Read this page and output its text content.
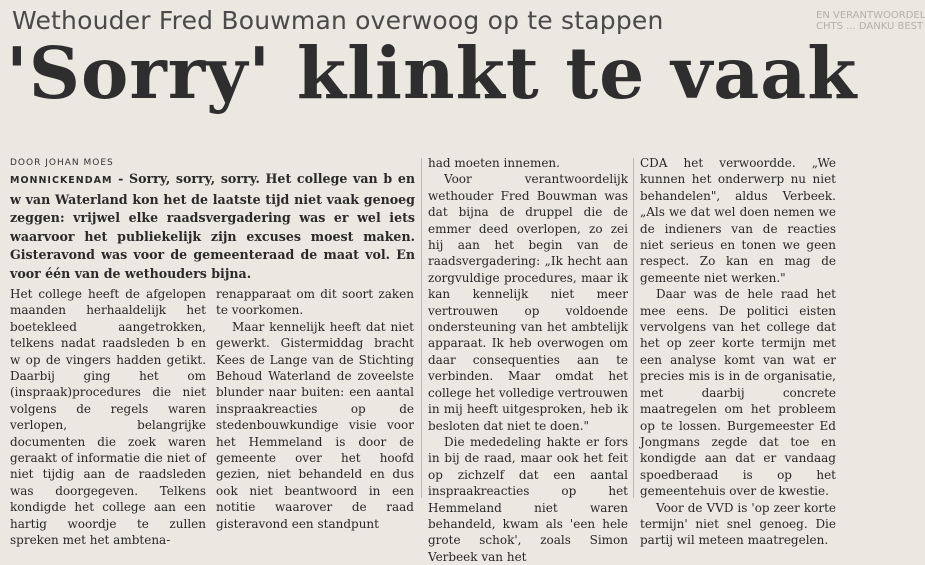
Wethouder Fred Bouwman overwoog op te stappen
'Sorry' klinkt te vaak
EN VERANTWOORDEL
CHTS ... DANKU BEST
DOOR JOHAN MOES
MONNICKENDAM - Sorry, sorry, sorry. Het college van b en w van Waterland kon het de laatste tijd niet vaak genoeg zeggen: vrijwel elke raadsvergadering was er wel iets waarvoor het publiekelijk zijn excuses moest maken. Gisteravond was voor de gemeenteraad de maat vol. En voor één van de wethouders bijna.

Het college heeft de afgelopen maanden herhaaldelijk het boetekleed aangetrokken, telkens nadat raadsleden b en w op de vingers hadden getikt. Daarbij ging het om (inspraak)procedures die niet volgens de regels waren verlopen, belangrijke documenten die zoek waren geraakt of informatie die niet of niet tijdig aan de raadsleden was doorgegeven. Telkens kondigde het college aan een hartig woordje te zullen spreken met het ambtena-

renapparaat om dit soort zaken te voorkomen.

Maar kennelijk heeft dat niet gewerkt. Gistermiddag bracht Kees de Lange van de Stichting Behoud Waterland de zoveelste blunder naar buiten: een aantal inspraakreacties op de stedenbouwkundige visie voor het Hemmeland is door de gemeente over het hoofd gezien, niet behandeld en dus ook niet beantwoord in een notitie waarover de raad gisteravond een standpunt

had moeten innemen.

Voor verantwoordelijk wethouder Fred Bouwman was dat bijna de druppel die de emmer deed overlopen, zo zei hij aan het begin van de raadsvergadering: „Ik hecht aan zorgvuldige procedures, maar ik kan kennelijk niet meer vertrouwen op voldoende ondersteuning van het ambtelijk apparaat. Ik heb overwogen om daar consequenties aan te verbinden. Maar omdat het college het volledige vertrouwen in mij heeft uitgesproken, heb ik besloten dat niet te doen."

Die mededeling hakte er fors in bij de raad, maar ook het feit op zichzelf dat een aantal inspraakreacties op het Hemmeland niet waren behandeld, kwam als 'een hele grote schok', zoals Simon Verbeek van het

CDA het verwoordde. „We kunnen het onderwerp nu niet behandelen", aldus Verbeek. „Als we dat wel doen nemen we de indieners van de reacties niet serieus en tonen we geen respect. Zo kan en mag de gemeente niet werken."

Daar was de hele raad het mee eens. De politici eisten vervolgens van het college dat het op zeer korte termijn met een analyse komt van wat er precies mis is in de organisatie, met daarbij concrete maatregelen om het probleem op te lossen. Burgemeester Ed Jongmans zegde dat toe en kondigde aan dat er vandaag spoedberaad is op het gemeentehuis over de kwestie.

Voor de VVD is 'op zeer korte termijn' niet snel genoeg. Die partij wil meteen maatregelen.
